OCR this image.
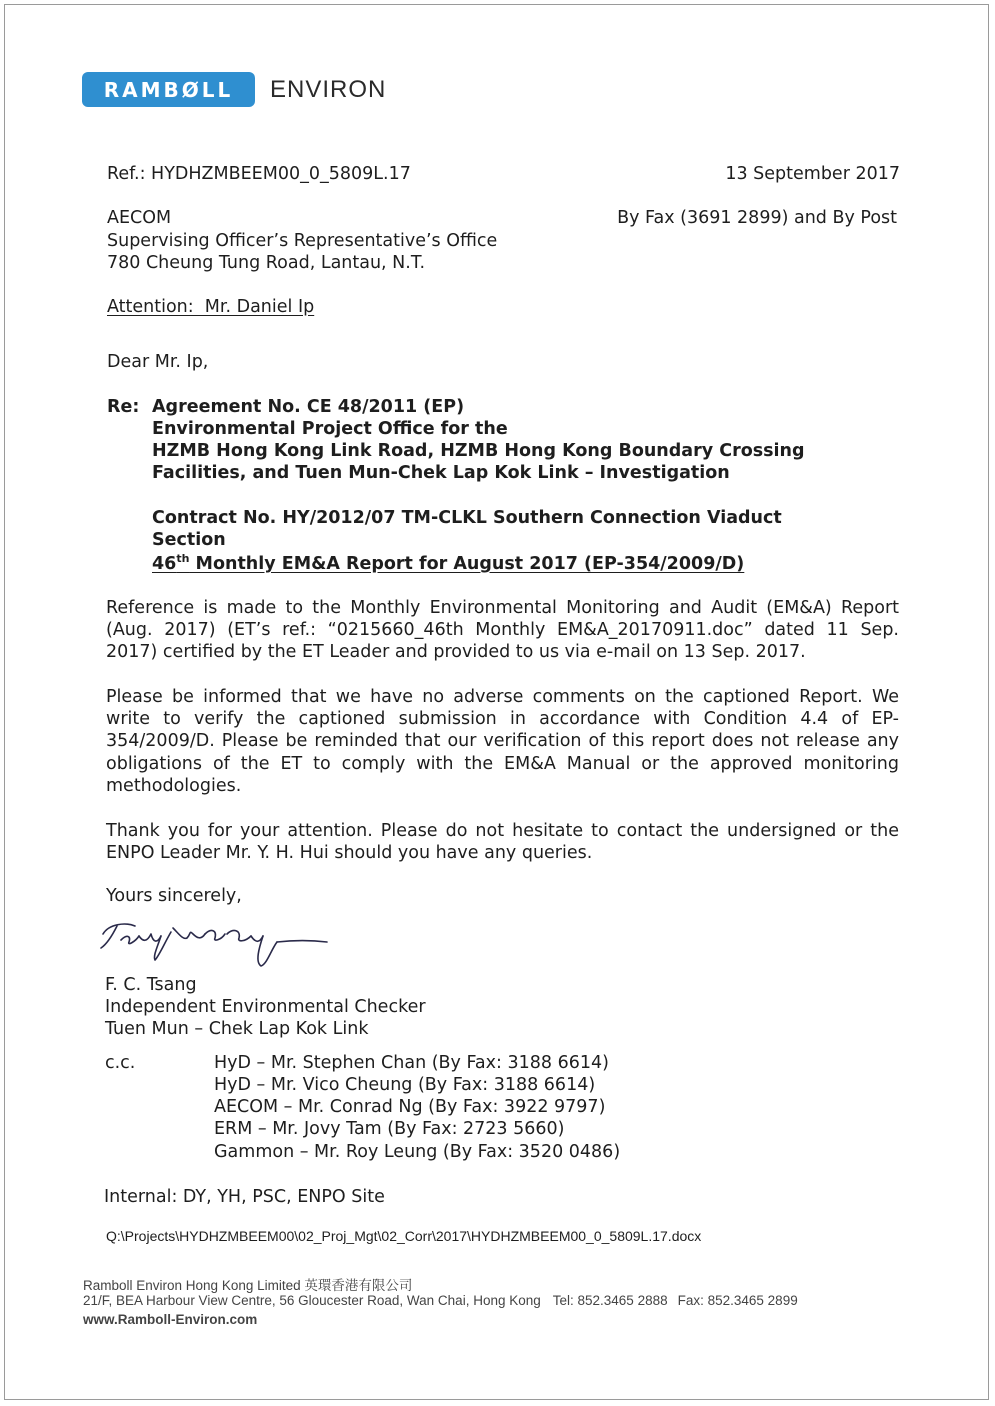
RAMBØLL ENVIRON
Ref.: HYDHZMBEEM00_0_5809L.17	13 September 2017
AECOM
Supervising Officer’s Representative’s Office
780 Cheung Tung Road, Lantau, N.T.
By Fax (3691 2899) and By Post
Attention:  Mr. Daniel Ip
Dear Mr. Ip,
Re: Agreement No. CE 48/2011 (EP)
Environmental Project Office for the
HZMB Hong Kong Link Road, HZMB Hong Kong Boundary Crossing
Facilities, and Tuen Mun-Chek Lap Kok Link – Investigation
Contract No. HY/2012/07 TM-CLKL Southern Connection Viaduct
Section
46th Monthly EM&A Report for August 2017 (EP-354/2009/D)
Reference is made to the Monthly Environmental Monitoring and Audit (EM&A) Report (Aug. 2017) (ET’s ref.: “0215660_46th Monthly EM&A_20170911.doc” dated 11 Sep. 2017) certified by the ET Leader and provided to us via e-mail on 13 Sep. 2017.
Please be informed that we have no adverse comments on the captioned Report. We write to verify the captioned submission in accordance with Condition 4.4 of EP-354/2009/D. Please be reminded that our verification of this report does not release any obligations of the ET to comply with the EM&A Manual or the approved monitoring methodologies.
Thank you for your attention. Please do not hesitate to contact the undersigned or the ENPO Leader Mr. Y. H. Hui should you have any queries.
Yours sincerely,
F. C. Tsang
Independent Environmental Checker
Tuen Mun – Chek Lap Kok Link
c.c.	HyD – Mr. Stephen Chan (By Fax: 3188 6614)
HyD – Mr. Vico Cheung (By Fax: 3188 6614)
AECOM – Mr. Conrad Ng (By Fax: 3922 9797)
ERM – Mr. Jovy Tam (By Fax: 2723 5660)
Gammon – Mr. Roy Leung (By Fax: 3520 0486)
Internal: DY, YH, PSC, ENPO Site
Q:\Projects\HYDHZMBEEM00\02_Proj_Mgt\02_Corr\2017\HYDHZMBEEM00_0_5809L.17.docx
Ramboll Environ Hong Kong Limited 英環香港有限公司
21/F, BEA Harbour View Centre, 56 Gloucester Road, Wan Chai, Hong Kong Tel: 852.3465 2888 Fax: 852.3465 2899
www.Ramboll-Environ.com
